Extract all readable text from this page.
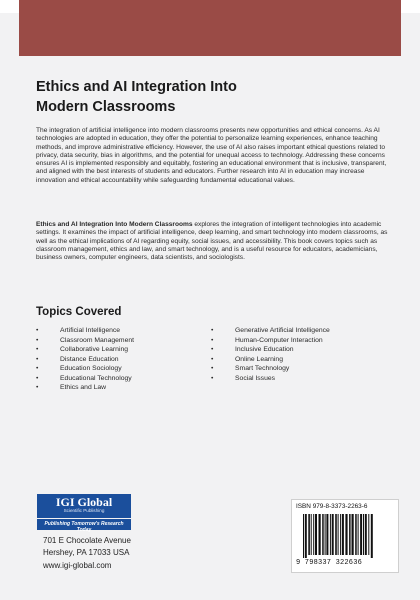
Ethics and AI Integration Into
Modern Classrooms

The integration of artificial intelligence into modern classrooms presents new opportunities and ethical concerns. As AI technologies are adopted in education, they offer the potential to personalize learning experiences, enhance teaching methods, and improve administrative efficiency. However, the use of AI also raises important ethical questions related to privacy, data security, bias in algorithms, and the potential for unequal access to technology. Addressing these concerns ensures AI is implemented responsibly and equitably, fostering an educational environment that is inclusive, transparent, and aligned with the best interests of students and educators. Further research into AI in education may increase innovation and ethical accountability while safeguarding fundamental educational values.

Ethics and AI Integration Into Modern Classrooms explores the integration of intelligent technologies into academic settings. It examines the impact of artificial intelligence, deep learning, and smart technology into modern classrooms, as well as the ethical implications of AI regarding equity, social issues, and accessibility. This book covers topics such as classroom management, ethics and law, and smart technology, and is a useful resource for educators, academicians, business owners, computer engineers, data scientists, and sociologists.

Topics Covered
•	Artificial Intelligence
•	Classroom Management
•	Collaborative Learning
•	Distance Education
•	Education Sociology
•	Educational Technology
•	Ethics and Law
•	Generative Artificial Intelligence
•	Human-Computer Interaction
•	Inclusive Education
•	Online Learning
•	Smart Technology
•	Social Issues
IGI Global
Scientific Publishing
Publishing Tomorrow's Research Today

701 E Chocolate Avenue

Hershey, PA 17033 USA

www.igi-global.com

ISBN 979-8-3373-2263-6
9 798337 322636
